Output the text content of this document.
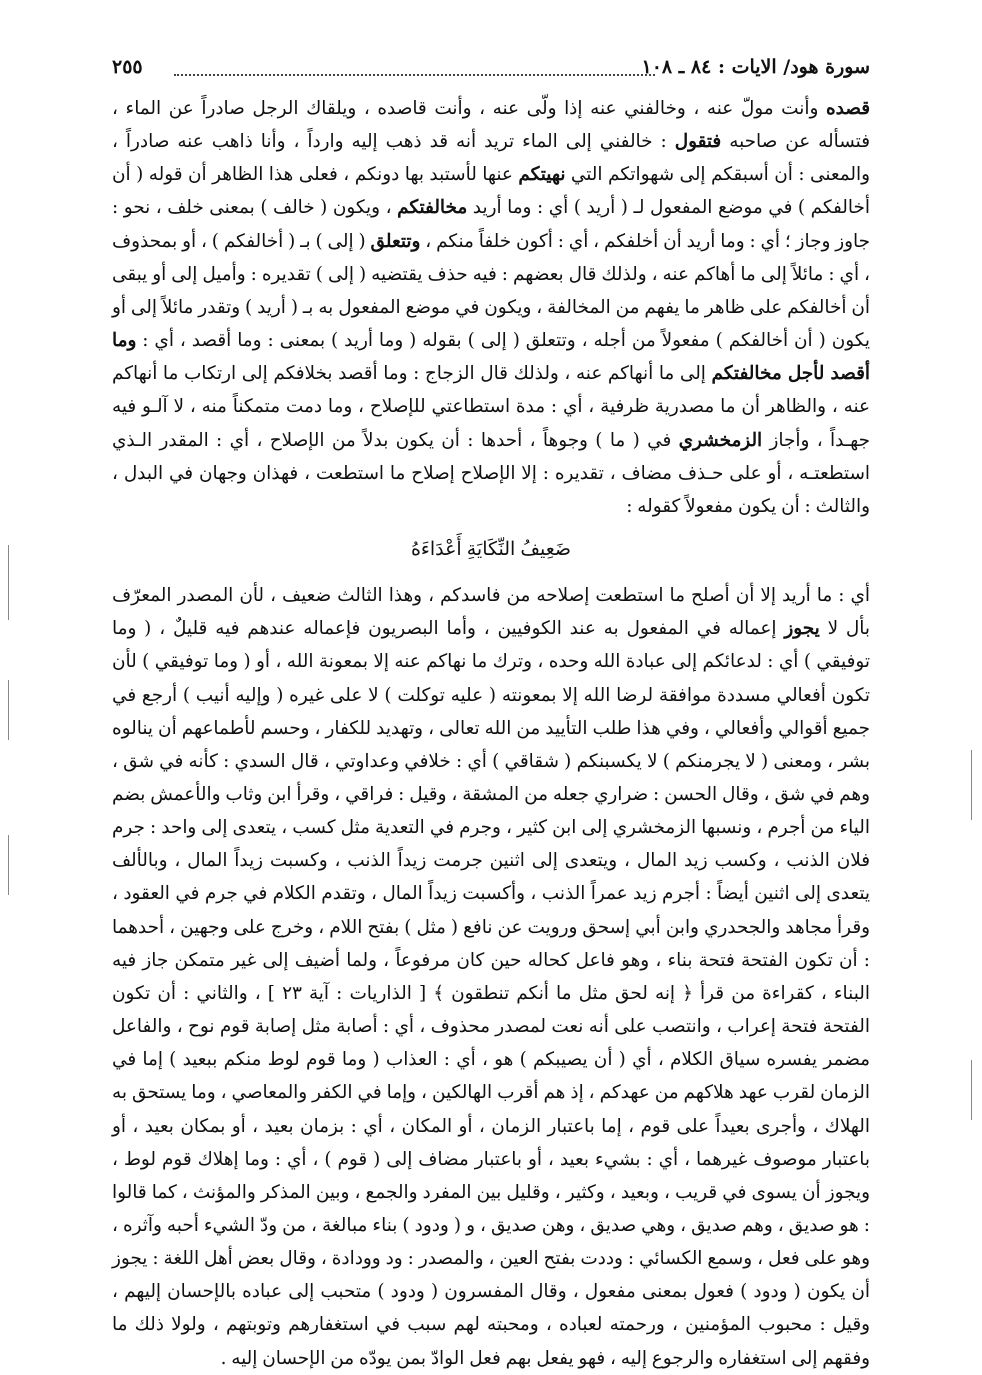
سورة هود/ الايات : ٨٤ ـ ١٠٨
٢٥٥

قصده وأنت مولّ عنه ، وخالفني عنه إذا ولّى عنه ، وأنت قاصده ، ويلقاك الرجل صادراً عن الماء ، فتسأله عن صاحبه فتقول : خالفني إلى الماء تريد أنه قد ذهب إليه وارداً ، وأنا ذاهب عنه صادراً ، والمعنى : أن أسبقكم إلى شهواتكم التي نهيتكم عنها لأستبد بها دونكم ، فعلى هذا الظاهر أن قوله ( أن أخالفكم ) في موضع المفعول لـ ( أريد ) أي : وما أريد مخالفتكم ، ويكون ( خالف ) بمعنى خلف ، نحو : جاوز وجاز ؛ أي : وما أريد أن أخلفكم ، أي : أكون خلفاً منكم ، وتتعلق ( إلى ) بـ ( أخالفكم ) ، أو بمحذوف ، أي : مائلاً إلى ما أهاكم عنه ، ولذلك قال بعضهم : فيه حذف يقتضيه ( إلى ) تقديره : وأميل إلى أو يبقى أن أخالفكم على ظاهر ما يفهم من المخالفة ، ويكون في موضع المفعول به بـ ( أريد ) وتقدر مائلاً إلى أو يكون ( أن أخالفكم ) مفعولاً من أجله ، وتتعلق ( إلى ) بقوله ( وما أريد ) بمعنى : وما أقصد ، أي : وما أقصد لأجل مخالفتكم إلى ما أنهاكم عنه ، ولذلك قال الزجاج : وما أقصد بخلافكم إلى ارتكاب ما أنهاكم عنه ، والظاهر أن ما مصدرية ظرفية ، أي : مدة استطاعتي للإصلاح ، وما دمت متمكناً منه ، لا آلـو فيه جهـداً ، وأجاز الزمخشري في ( ما ) وجوهاً ، أحدها : أن يكون بدلاً من الإصلاح ، أي : المقدر الـذي استطعتـه ، أو على حـذف مضاف ، تقديره : إلا الإصلاح إصلاح ما استطعت ، فهذان وجهان في البدل ، والثالث : أن يكون مفعولاً كقوله :

ضَعِيفُ النِّكَايَةِ أَعْدَاءَهُ

أي : ما أريد إلا أن أصلح ما استطعت إصلاحه من فاسدكم ، وهذا الثالث ضعيف ، لأن المصدر المعرّف بأل لا يجوز إعماله في المفعول به عند الكوفيين ، وأما البصريون فإعماله عندهم فيه قليلٌ ، ( وما توفيقي ) أي : لدعائكم إلى عبادة الله وحده ، وترك ما نهاكم عنه إلا بمعونة الله ، أو ( وما توفيقي ) لأن تكون أفعالي مسددة موافقة لرضا الله إلا بمعونته ( عليه توكلت ) لا على غيره ( وإليه أنيب ) أرجع في جميع أقوالي وأفعالي ، وفي هذا طلب التأييد من الله تعالى ، وتهديد للكفار ، وحسم لأطماعهم أن ينالوه بشر ، ومعنى ( لا يجرمنكم ) لا يكسبنكم ( شقاقي ) أي : خلافي وعداوتي ، قال السدي : كأنه في شق ، وهم في شق ، وقال الحسن : ضراري جعله من المشقة ، وقيل : فراقي ، وقرأ ابن وثاب والأعمش بضم الياء من أجرم ، ونسبها الزمخشري إلى ابن كثير ، وجرم في التعدية مثل كسب ، يتعدى إلى واحد : جرم فلان الذنب ، وكسب زيد المال ، ويتعدى إلى اثنين جرمت زيداً الذنب ، وكسبت زيداً المال ، وبالألف يتعدى إلى اثنين أيضاً : أجرم زيد عمراً الذنب ، وأكسبت زيداً المال ، وتقدم الكلام في جرم في العقود ، وقرأ مجاهد والجحدري وابن أبي إسحق ورويت عن نافع ( مثل ) بفتح اللام ، وخرج على وجهين ، أحدهما : أن تكون الفتحة فتحة بناء ، وهو فاعل كحاله حين كان مرفوعاً ، ولما أضيف إلى غير متمكن جاز فيه البناء ، كقراءة من قرأ ﴿ إنه لحق مثل ما أنكم تنطقون ﴾ [ الذاريات : آية ٢٣ ] ، والثاني : أن تكون الفتحة فتحة إعراب ، وانتصب على أنه نعت لمصدر محذوف ، أي : أصابة مثل إصابة قوم نوح ، والفاعل مضمر يفسره سياق الكلام ، أي ( أن يصيبكم ) هو ، أي : العذاب ( وما قوم لوط منكم ببعيد ) إما في الزمان لقرب عهد هلاكهم من عهدكم ، إذ هم أقرب الهالكين ، وإما في الكفر والمعاصي ، وما يستحق به الهلاك ، وأجرى بعيداً على قوم ، إما باعتبار الزمان ، أو المكان ، أي : بزمان بعيد ، أو بمكان بعيد ، أو باعتبار موصوف غيرهما ، أي : بشيء بعيد ، أو باعتبار مضاف إلى ( قوم ) ، أي : وما إهلاك قوم لوط ، ويجوز أن يسوى في قريب ، وبعيد ، وكثير ، وقليل بين المفرد والجمع ، وبين المذكر والمؤنث ، كما قالوا : هو صديق ، وهم صديق ، وهي صديق ، وهن صديق ، و ( ودود ) بناء مبالغة ، من ودّ الشيء أحبه وآثره ، وهو على فعل ، وسمع الكسائي : وددت بفتح العين ، والمصدر : ود وودادة ، وقال بعض أهل اللغة : يجوز أن يكون ( ودود ) فعول بمعنى مفعول ، وقال المفسرون ( ودود ) متحبب إلى عباده بالإحسان إليهم ، وقيل : محبوب المؤمنين ، ورحمته لعباده ، ومحبته لهم سبب في استغفارهم وتوبتهم ، ولولا ذلك ما وفقهم إلى استغفاره والرجوع إليه ، فهو يفعل بهم فعل الوادّ بمن يودّه من الإحسان إليه .
